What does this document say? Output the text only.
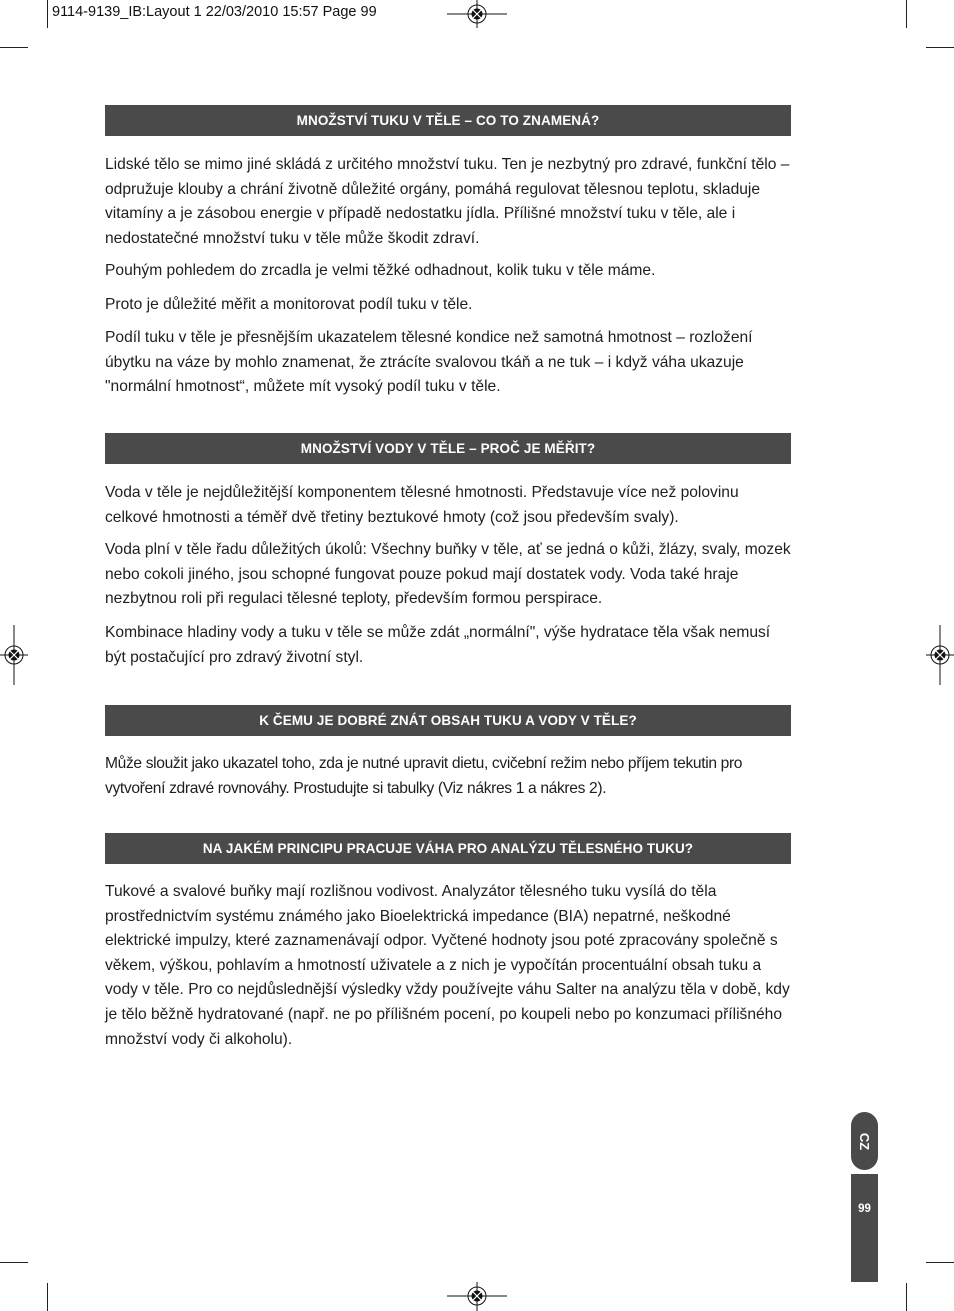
9114-9139_IB:Layout 1 22/03/2010 15:57 Page 99
MNOŽSTVÍ TUKU V TĚLE – CO TO ZNAMENÁ?

Lidské tělo se mimo jiné skládá z určitého množství tuku. Ten je nezbytný pro zdravé, funkční tělo – odpružuje klouby a chrání životně důležité orgány, pomáhá regulovat tělesnou teplotu, skladuje vitamíny a je zásobou energie v případě nedostatku jídla. Přílišné množství tuku v těle, ale i nedostatečné množství tuku v těle může škodit zdraví.

Pouhým pohledem do zrcadla je velmi těžké odhadnout, kolik tuku v těle máme.

Proto je důležité měřit a monitorovat podíl tuku v těle.

Podíl tuku v těle je přesnějším ukazatelem tělesné kondice než samotná hmotnost – rozložení úbytku na váze by mohlo znamenat, že ztrácíte svalovou tkáň a ne tuk – i když váha ukazuje "normální hmotnost“, můžete mít vysoký podíl tuku v těle.

MNOŽSTVÍ VODY V TĚLE – PROČ JE MĚŘIT?

Voda v těle je nejdůležitější komponentem tělesné hmotnosti. Představuje více než polovinu celkové hmotnosti a téměř dvě třetiny beztukové hmoty (což jsou především svaly).

Voda plní v těle řadu důležitých úkolů: Všechny buňky v těle, ať se jedná o kůži, žlázy, svaly, mozek nebo cokoli jiného, jsou schopné fungovat pouze pokud mají dostatek vody. Voda také hraje nezbytnou roli při regulaci tělesné teploty, především formou perspirace.

Kombinace hladiny vody a tuku v těle se může zdát „normální", výše hydratace těla však nemusí být postačující pro zdravý životní styl.

K ČEMU JE DOBRÉ ZNÁT OBSAH TUKU A VODY V TĚLE?

Může sloužit jako ukazatel toho, zda je nutné upravit dietu, cvičební režim nebo příjem tekutin pro vytvoření zdravé rovnováhy. Prostudujte si tabulky (Viz nákres 1 a nákres 2).

NA JAKÉM PRINCIPU PRACUJE VÁHA PRO ANALÝZU TĚLESNÉHO TUKU?

Tukové a svalové buňky mají rozlišnou vodivost. Analyzátor tělesného tuku vysílá do těla prostřednictvím systému známého jako Bioelektrická impedance (BIA) nepatrné, neškodné elektrické impulzy, které zaznamenávají odpor. Vyčtené hodnoty jsou poté zpracovány společně s věkem, výškou, pohlavím a hmotností uživatele a z nich je vypočítán procentuální obsah tuku a vody v těle. Pro co nejdůslednější výsledky vždy používejte váhu Salter na analýzu těla v době, kdy je tělo běžně hydratované (např. ne po přílišném pocení, po koupeli nebo po konzumaci přílišného množství vody či alkoholu).

CZ
99
